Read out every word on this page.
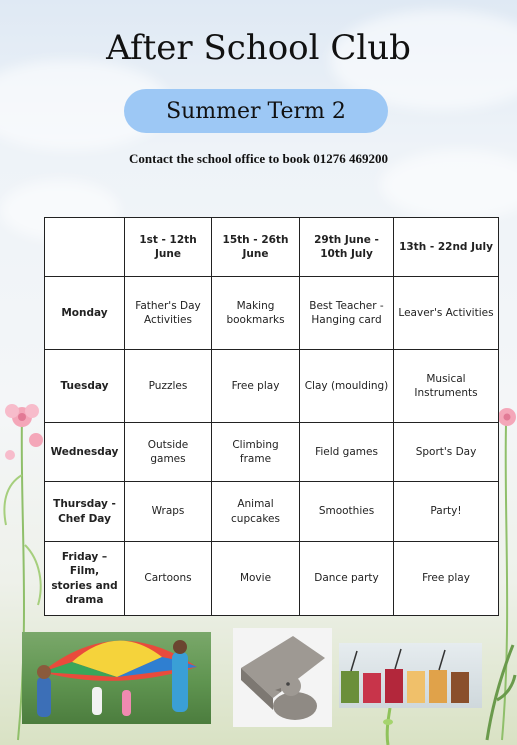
After School Club
Summer Term 2
Contact the school office to book 01276 469200
	1st - 12th June	15th - 26th June	29th June - 10th July	13th - 22nd July
Monday	Father's Day Activities	Making bookmarks	Best Teacher - Hanging card	Leaver's Activities
Tuesday	Puzzles	Free play	Clay (moulding)	Musical Instruments
Wednesday	Outside games	Climbing frame	Field games	Sport's Day
Thursday - Chef Day	Wraps	Animal cupcakes	Smoothies	Party!
Friday – Film, stories and drama	Cartoons	Movie	Dance party	Free play
